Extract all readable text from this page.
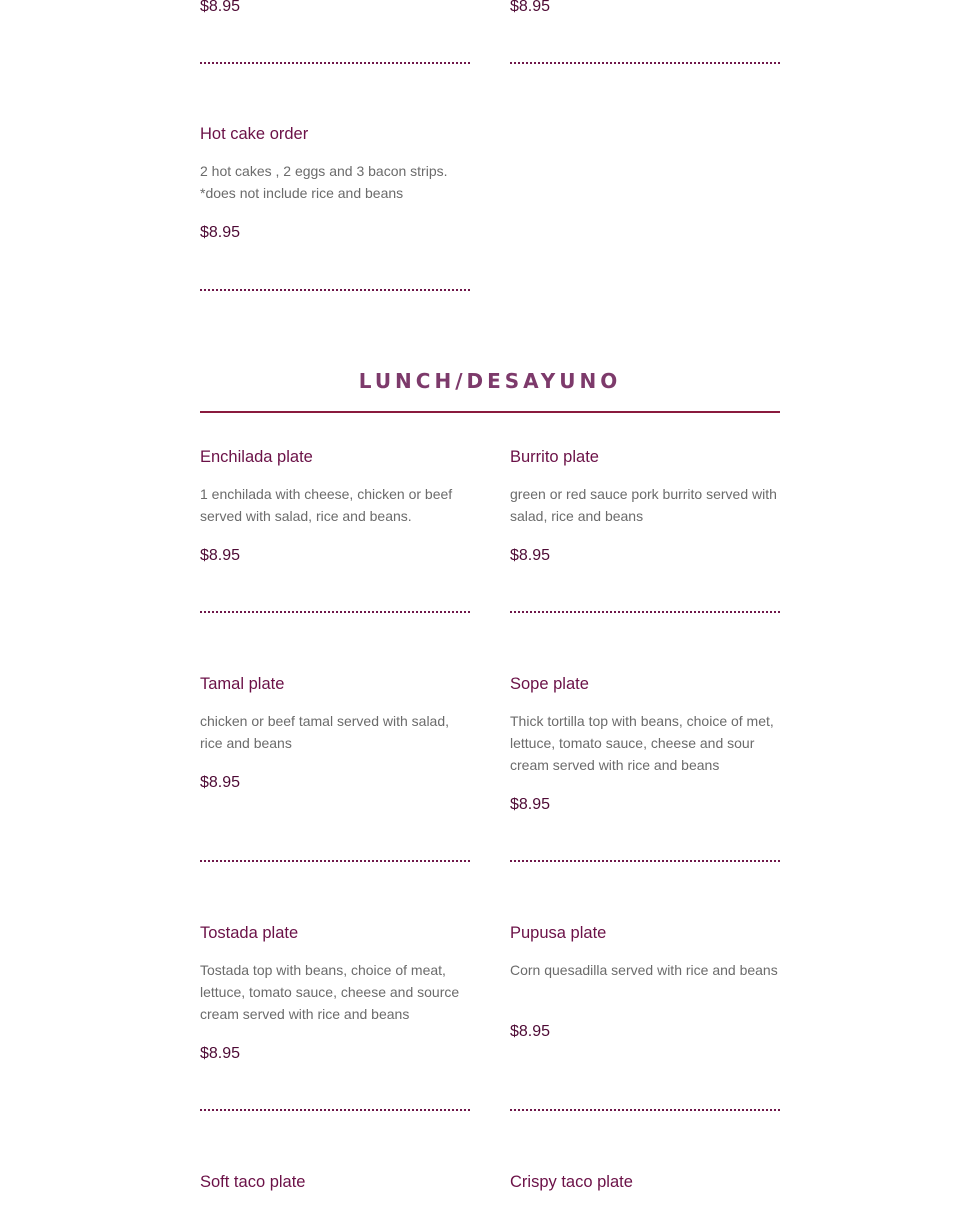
$8.95	$8.95

Hot cake order

2 hot cakes , 2 eggs and 3 bacon strips. *does not include rice and beans

$8.95

LUNCH/DESAYUNO
Enchilada plate

1 enchilada with cheese, chicken or beef served with salad, rice and beans.

$8.95

Burrito plate

green or red sauce pork burrito served with salad, rice and beans

$8.95

Tamal plate

chicken or beef tamal served with salad, rice and beans

$8.95

Sope plate

Thick tortilla top with beans, choice of met, lettuce, tomato sauce, cheese and sour cream served with rice and beans

$8.95

Tostada plate

Tostada top with beans, choice of meat, lettuce, tomato sauce, cheese and source cream served with rice and beans

$8.95

Pupusa plate

Corn quesadilla served with rice and beans

$8.95

Soft taco plate	Crispy taco plate
